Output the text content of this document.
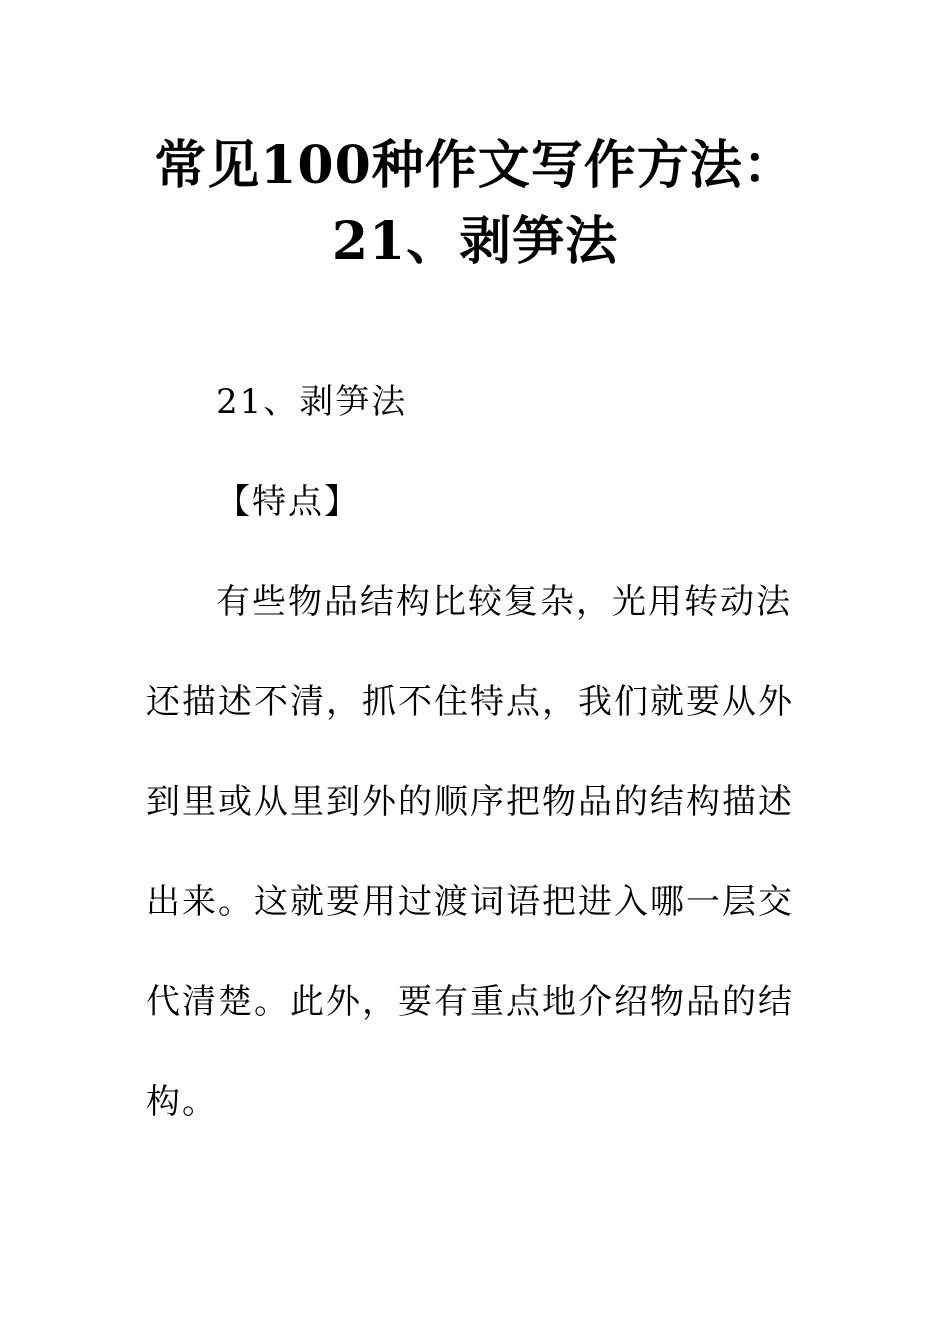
常见100种作文写作方法：
21、剥笋法
21、剥笋法
【特点】
有些物品结构比较复杂，光用转动法
还描述不清，抓不住特点，我们就要从外
到里或从里到外的顺序把物品的结构描述
出来。这就要用过渡词语把进入哪一层交
代清楚。此外，要有重点地介绍物品的结
构。
